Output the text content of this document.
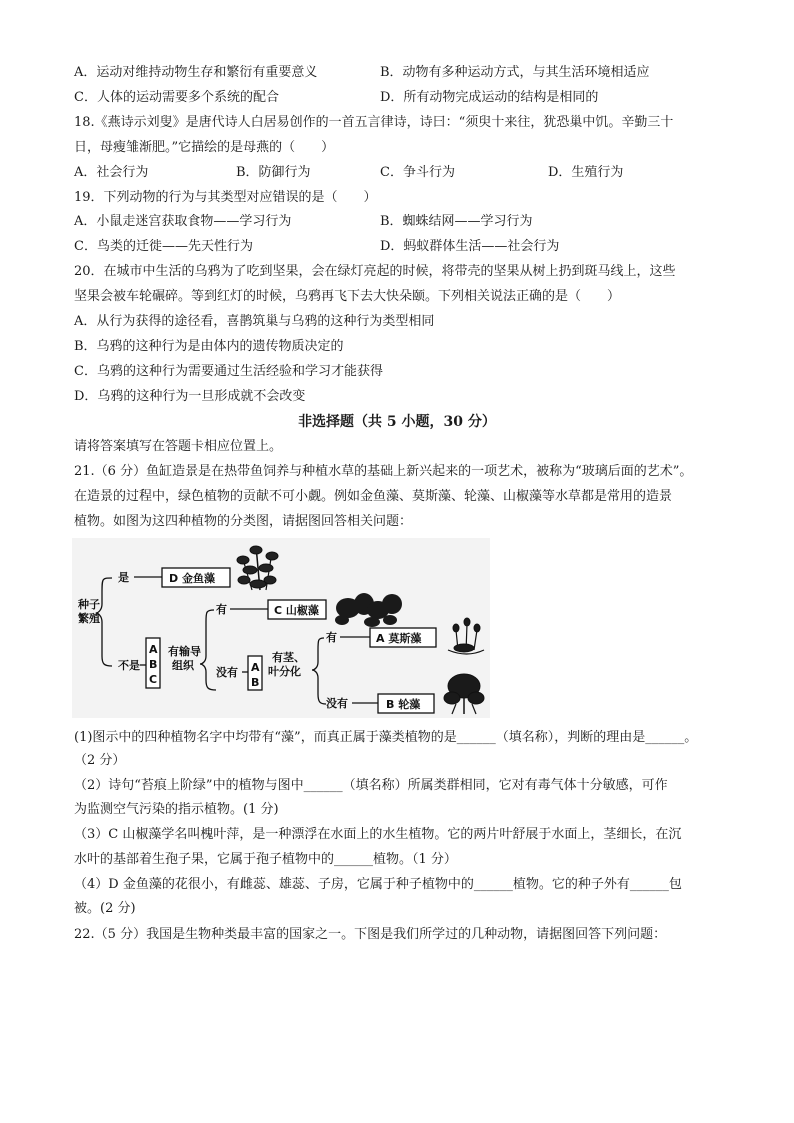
A．运动对维持动物生存和繁衍有重要意义	B．动物有多种运动方式，与其生活环境相适应
C．人体的运动需要多个系统的配合	D．所有动物完成运动的结构是相同的
18.《燕诗示刘叟》是唐代诗人白居易创作的一首五言律诗，诗曰：“须臾十来往，犹恐巢中饥。辛勤三十
日，母瘦雏渐肥。”它描绘的是母燕的（　　）
A．社会行为	B．防御行为	C．争斗行为	D．生殖行为
19．下列动物的行为与其类型对应错误的是（　　）
A．小鼠走迷宫获取食物——学习行为	B．蜘蛛结网——学习行为
C．鸟类的迁徙——先天性行为	D．蚂蚁群体生活——社会行为
20．在城市中生活的乌鸦为了吃到坚果，会在绿灯亮起的时候，将带壳的坚果从树上扔到斑马线上，这些
坚果会被车轮碾碎。等到红灯的时候，乌鸦再飞下去大快朵颐。下列相关说法正确的是（　　）
A．从行为获得的途径看，喜鹊筑巢与乌鸦的这种行为类型相同
B．乌鸦的这种行为是由体内的遗传物质决定的
C．乌鸦的这种行为需要通过生活经验和学习才能获得
D．乌鸦的这种行为一旦形成就不会改变
非选择题（共 5 小题，30 分）
请将答案填写在答题卡相应位置上。
21.（6 分）鱼缸造景是在热带鱼饲养与种植水草的基础上新兴起来的一项艺术，被称为“玻璃后面的艺术”。
在造景的过程中，绿色植物的贡献不可小觑。例如金鱼藻、莫斯藻、轮藻、山椒藻等水草都是常用的造景
植物。如图为这四种植物的分类图，请据图回答相关问题：
种子
繁殖
是	D 金鱼藻
不是
A
B
C
有输导
组织
有	C 山椒藻
没有 A
B
有茎、
叶分化
有	A 莫斯藻
没有	B 轮藻
(1)图示中的四种植物名字中均带有“藻”，而真正属于藻类植物的是______（填名称），判断的理由是______。
（2 分）
（2）诗句“苔痕上阶绿”中的植物与图中______（填名称）所属类群相同，它对有毒气体十分敏感，可作
为监测空气污染的指示植物。(1 分)
（3）C 山椒藻学名叫槐叶萍，是一种漂浮在水面上的水生植物。它的两片叶舒展于水面上，茎细长，在沉
水叶的基部着生孢子果，它属于孢子植物中的______植物。（1 分）
（4）D 金鱼藻的花很小，有雌蕊、雄蕊、子房，它属于种子植物中的______植物。它的种子外有______包
被。(2 分)
22.（5 分）我国是生物种类最丰富的国家之一。下图是我们所学过的几种动物，请据图回答下列问题：
